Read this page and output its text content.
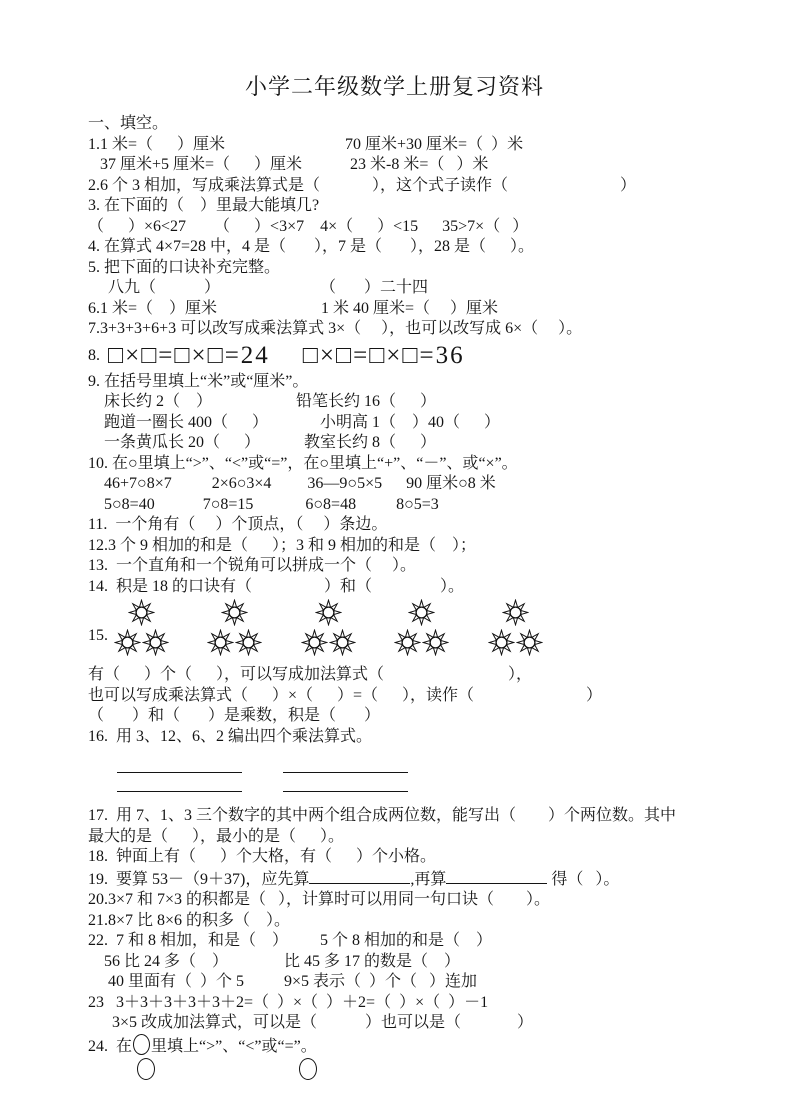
小学二年级数学上册复习资料

一、填空。

1.1 米=（      ）厘米                              70 厘米+30 厘米=（  ）米

37 厘米+5 厘米=（      ）厘米            23 米-8 米=（   ）米

2.6 个 3 相加，写成乘法算式是（             ），这个式子读作（                            ）

3. 在下面的（    ）里最大能填几?

（      ）×6<27       （      ）<3×7    4×（      ）<15      35>7×（   ）

4. 在算式 4×7=28 中，4 是（       ），7 是（       ），28 是（      ）。

5. 把下面的口诀补充完整。

八九（            ）                         （       ）二十四

6.1 米=（    ）厘米                          1 米 40 厘米=（     ）厘米

7.3+3+3+6+3 可以改写成乘法算式 3×（     ），也可以改写成 6×（     ）。

8. □×□=□×□=24    □×□=□×□=36

9. 在括号里填上“米”或“厘米”。

床长约 2（    ）                     铅笔长约 16（      ）

跑道一圈长 400（      ）             小明高 1（    ）40（      ）

一条黄瓜长 20（      ）           教室长约 8（      ）

10. 在○里填上“>”、“<”或“=”，在○里填上“+”、“－”、或“×”。

46+7○8×7          2×6○3×4         36—9○5×5      90 厘米○8 米

5○8=40            7○8=15             6○8=48          8○5=3

11.  一个角有（     ）个顶点，（     ）条边。

12.3 个 9 相加的和是（      ）；3 和 9 相加的和是（    ）；

13.  一个直角和一个锐角可以拼成一个（     ）。

14.  积是 18 的口诀有（                  ）和（                 ）。

15.

有（      ）个（      ），可以写成加法算式（                               ），

也可以写成乘法算式（      ）×（      ）=（      ），读作（                            ）

（       ）和（       ）是乘数，积是（       ）

16.  用 3、12、6、2 编出四个乘法算式。

17.  用 7、1、3 三个数字的其中两个组合成两位数，能写出（        ）个两位数。其中

最大的是（      ），最小的是（      ）。

18.  钟面上有（      ）个大格，有（      ）个小格。

19.  要算 53－（9＋37)，应先算	,再算	得（   ）。

20.3×7 和 7×3 的积都是（   ），计算时可以用同一句口诀（        ）。

21.8×7 比 8×6 的积多（    ）。

22.  7 和 8 相加，和是（    ）        5 个 8 相加的和是（    ）

56 比 24 多（    ）              比 45 多 17 的数是（    ）

40 里面有（  ）个 5          9×5 表示（  ）个（   ）连加

23   3＋3＋3＋3＋3＋2=（  ）×（  ）＋2=（  ）×（  ）－1

3×5 改成加法算式，可以是（            ）也可以是（              ）

24.  在 里填上“>”、“<”或“=”。
